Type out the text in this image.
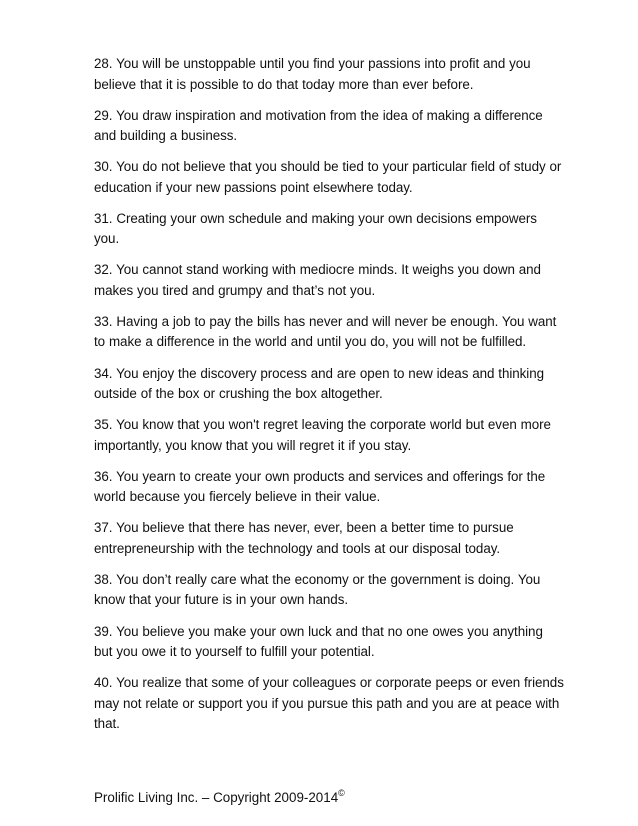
28. You will be unstoppable until you find your passions into profit and you believe that it is possible to do that today more than ever before.

29. You draw inspiration and motivation from the idea of making a difference and building a business.

30. You do not believe that you should be tied to your particular field of study or education if your new passions point elsewhere today.

31. Creating your own schedule and making your own decisions empowers you.

32. You cannot stand working with mediocre minds. It weighs you down and makes you tired and grumpy and that’s not you.

33. Having a job to pay the bills has never and will never be enough. You want to make a difference in the world and until you do, you will not be fulfilled.

34. You enjoy the discovery process and are open to new ideas and thinking outside of the box or crushing the box altogether.

35. You know that you won't regret leaving the corporate world but even more importantly, you know that you will regret it if you stay.

36. You yearn to create your own products and services and offerings for the world because you fiercely believe in their value.

37. You believe that there has never, ever, been a better time to pursue entrepreneurship with the technology and tools at our disposal today.

38. You don’t really care what the economy or the government is doing. You know that your future is in your own hands.

39. You believe you make your own luck and that no one owes you anything but you owe it to yourself to fulfill your potential.

40. You realize that some of your colleagues or corporate peeps or even friends may not relate or support you if you pursue this path and you are at peace with that.

Prolific Living Inc. – Copyright 2009-2014©
